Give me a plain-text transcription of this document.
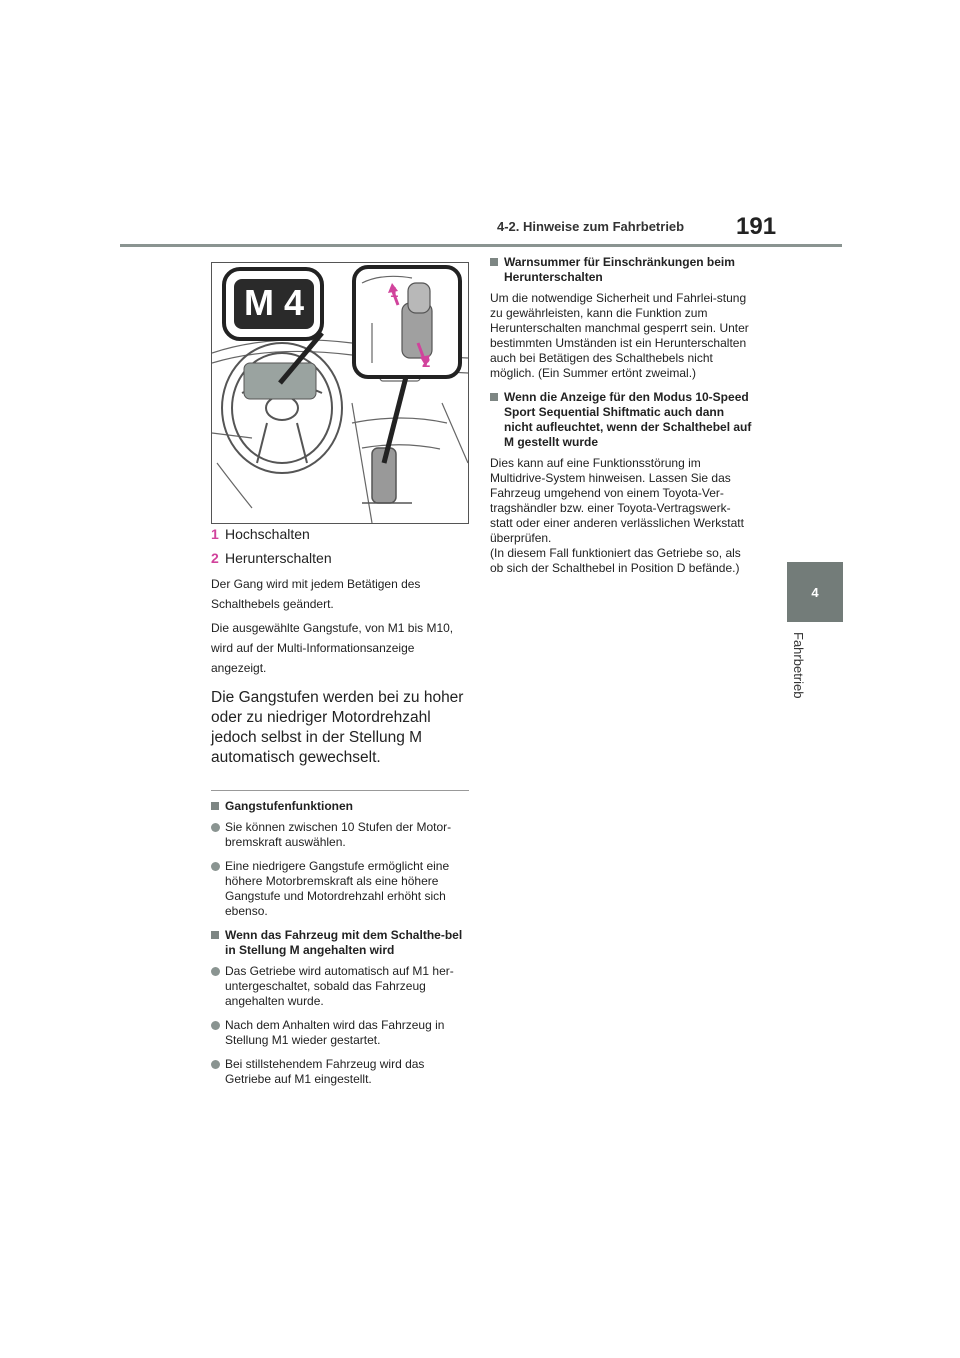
191
4-2. Hinweise zum Fahrbetrieb
4
Fahrbetrieb
M 4	1
2
1 Hochschalten
2 Herunterschalten

Der Gang wird mit jedem Betätigen des Schalthebels geändert.

Die ausgewählte Gangstufe, von M1 bis M10, wird auf der Multi-Informationsanzeige angezeigt.

Die Gangstufen werden bei zu hoher oder zu niedriger Motordrehzahl jedoch selbst in der Stellung M automatisch gewechselt.

Gangstufenfunktionen
Sie können zwischen 10 Stufen der Motor-bremskraft auswählen.
Eine niedrigere Gangstufe ermöglicht eine höhere Motorbremskraft als eine höhere Gangstufe und Motordrehzahl erhöht sich ebenso.
Wenn das Fahrzeug mit dem Schalthe-bel in Stellung M angehalten wird
Das Getriebe wird automatisch auf M1 her-untergeschaltet, sobald das Fahrzeug angehalten wurde.
Nach dem Anhalten wird das Fahrzeug in Stellung M1 wieder gestartet.
Bei stillstehendem Fahrzeug wird das Getriebe auf M1 eingestellt.
Warnsummer für Einschränkungen beim Herunterschalten

Um die notwendige Sicherheit und Fahrlei-stung zu gewährleisten, kann die Funktion zum Herunterschalten manchmal gesperrt sein. Unter bestimmten Umständen ist ein Herunterschalten auch bei Betätigen des Schalthebels nicht möglich. (Ein Summer ertönt zweimal.)

Wenn die Anzeige für den Modus 10-Speed Sport Sequential Shiftmatic auch dann nicht aufleuchtet, wenn der Schalthebel auf M gestellt wurde

Dies kann auf eine Funktionsstörung im Multidrive-System hinweisen. Lassen Sie das Fahrzeug umgehend von einem Toyota-Ver-tragshändler bzw. einer Toyota-Vertragswerk-statt oder einer anderen verlässlichen Werkstatt überprüfen.
(In diesem Fall funktioniert das Getriebe so, als ob sich der Schalthebel in Position D befände.)
